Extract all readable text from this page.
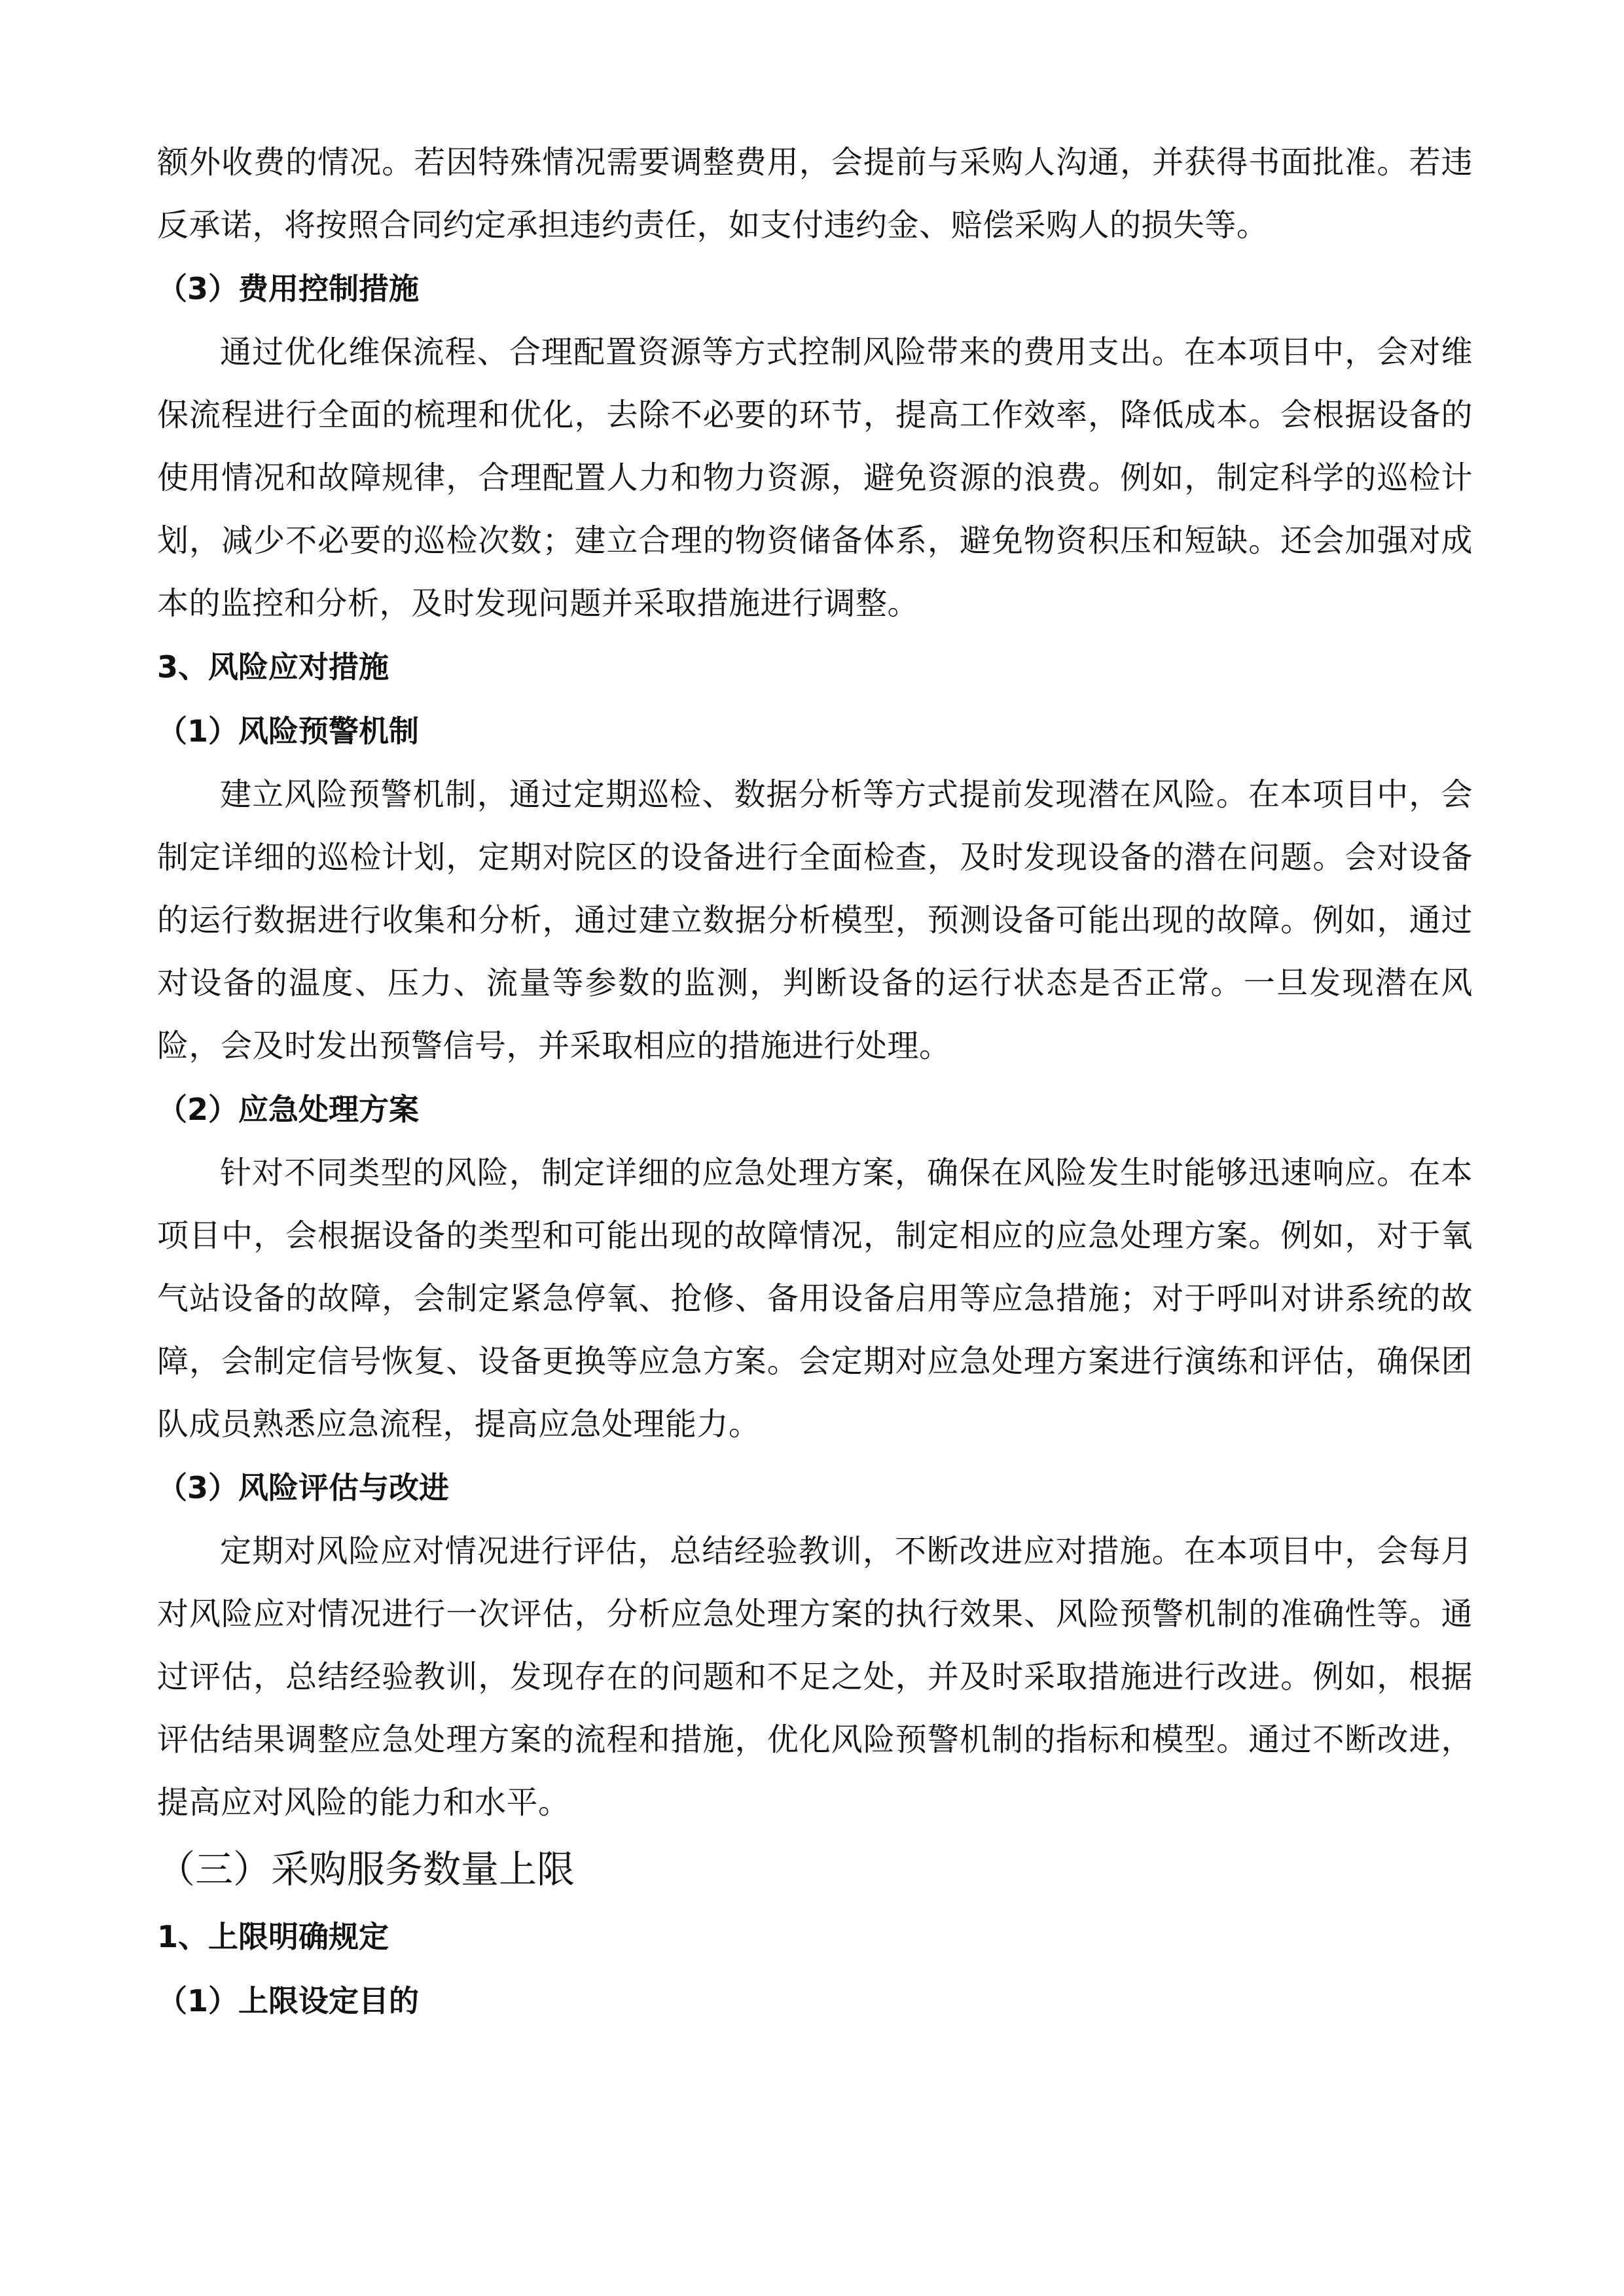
额外收费的情况。若因特殊情况需要调整费用，会提前与采购人沟通，并获得书面批准。若违反承诺，将按照合同约定承担违约责任，如支付违约金、赔偿采购人的损失等。

（3）费用控制措施

通过优化维保流程、合理配置资源等方式控制风险带来的费用支出。在本项目中，会对维保流程进行全面的梳理和优化，去除不必要的环节，提高工作效率，降低成本。会根据设备的使用情况和故障规律，合理配置人力和物力资源，避免资源的浪费。例如，制定科学的巡检计划，减少不必要的巡检次数；建立合理的物资储备体系，避免物资积压和短缺。还会加强对成本的监控和分析，及时发现问题并采取措施进行调整。

3、风险应对措施

（1）风险预警机制

建立风险预警机制，通过定期巡检、数据分析等方式提前发现潜在风险。在本项目中，会制定详细的巡检计划，定期对院区的设备进行全面检查，及时发现设备的潜在问题。会对设备的运行数据进行收集和分析，通过建立数据分析模型，预测设备可能出现的故障。例如，通过对设备的温度、压力、流量等参数的监测，判断设备的运行状态是否正常。一旦发现潜在风险，会及时发出预警信号，并采取相应的措施进行处理。

（2）应急处理方案

针对不同类型的风险，制定详细的应急处理方案，确保在风险发生时能够迅速响应。在本项目中，会根据设备的类型和可能出现的故障情况，制定相应的应急处理方案。例如，对于氧气站设备的故障，会制定紧急停氧、抢修、备用设备启用等应急措施；对于呼叫对讲系统的故障，会制定信号恢复、设备更换等应急方案。会定期对应急处理方案进行演练和评估，确保团队成员熟悉应急流程，提高应急处理能力。

（3）风险评估与改进

定期对风险应对情况进行评估，总结经验教训，不断改进应对措施。在本项目中，会每月对风险应对情况进行一次评估，分析应急处理方案的执行效果、风险预警机制的准确性等。通过评估，总结经验教训，发现存在的问题和不足之处，并及时采取措施进行改进。例如，根据评估结果调整应急处理方案的流程和措施，优化风险预警机制的指标和模型。通过不断改进，提高应对风险的能力和水平。

（三）采购服务数量上限

1、上限明确规定

（1）上限设定目的
